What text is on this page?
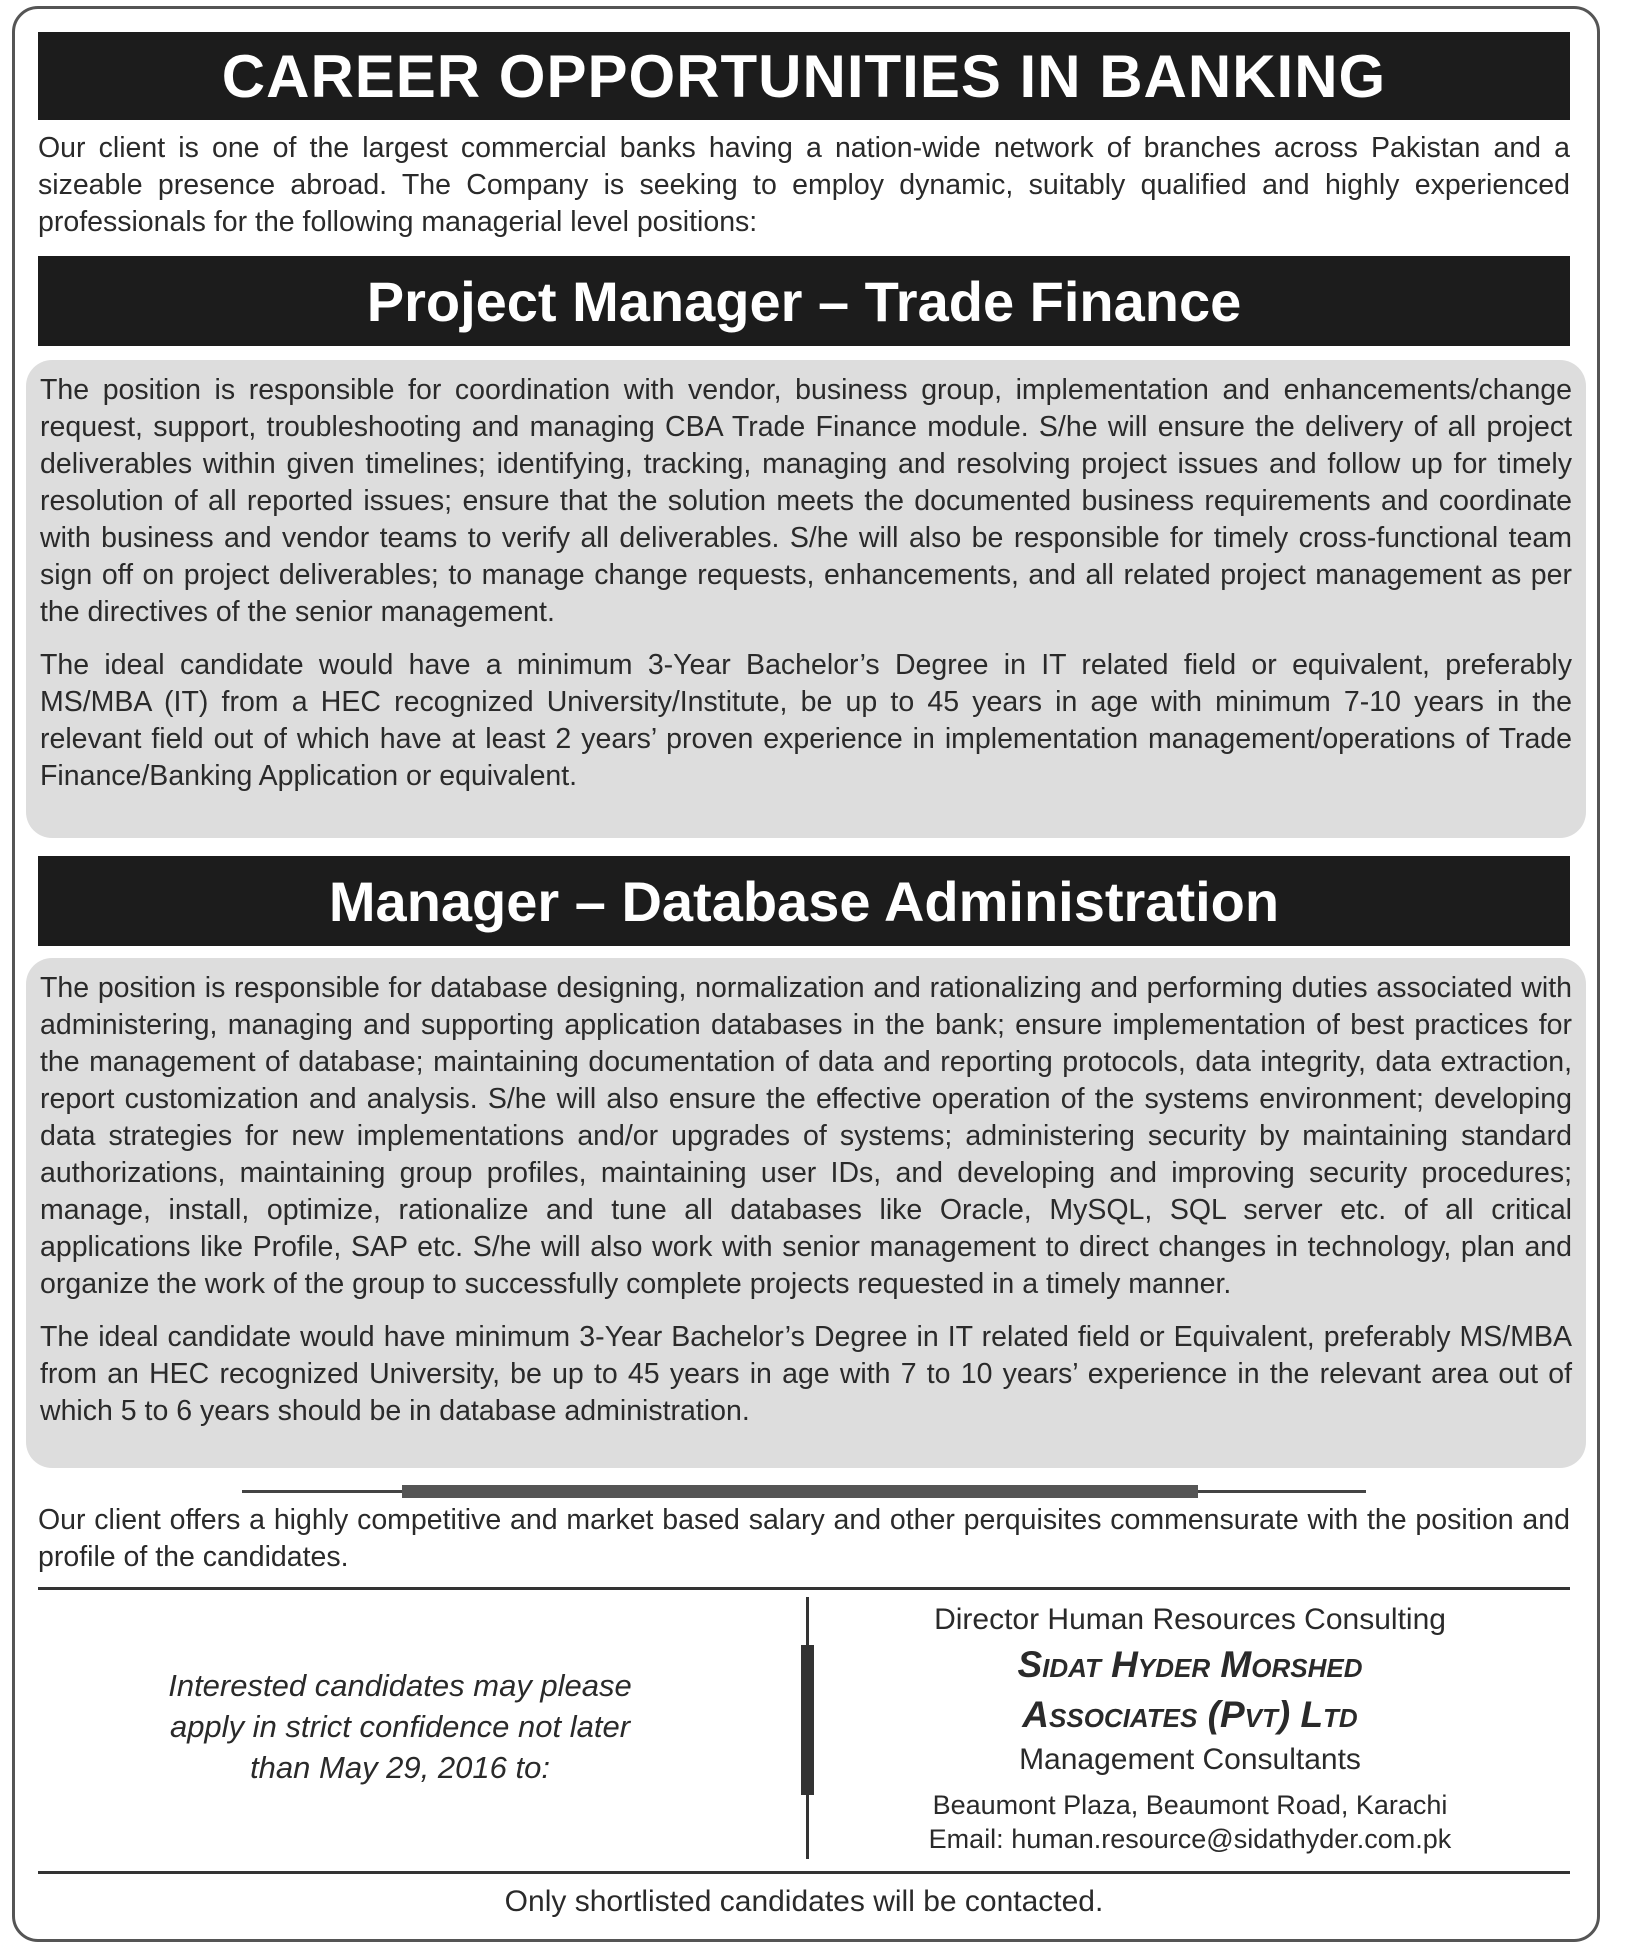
CAREER OPPORTUNITIES IN BANKING

Our client is one of the largest commercial banks having a nation-wide network of branches across Pakistan and a sizeable presence abroad. The Company is seeking to employ dynamic, suitably qualified and highly experienced professionals for the following managerial level positions:

Project Manager – Trade Finance

The position is responsible for coordination with vendor, business group, implementation and enhancements/change request, support, troubleshooting and managing CBA Trade Finance module. S/he will ensure the delivery of all project deliverables within given timelines; identifying, tracking, managing and resolving project issues and follow up for timely resolution of all reported issues; ensure that the solution meets the documented business requirements and coordinate with business and vendor teams to verify all deliverables. S/he will also be responsible for timely cross-functional team sign off on project deliverables; to manage change requests, enhancements, and all related project management as per the directives of the senior management.

The ideal candidate would have a minimum 3-Year Bachelor’s Degree in IT related field or equivalent, preferably MS/MBA (IT) from a HEC recognized University/Institute, be up to 45 years in age with minimum 7-10 years in the relevant field out of which have at least 2 years’ proven experience in implementation management/operations of Trade Finance/Banking Application or equivalent.

Manager – Database Administration

The position is responsible for database designing, normalization and rationalizing and performing duties associated with administering, managing and supporting application databases in the bank; ensure implementation of best practices for the management of database; maintaining documentation of data and reporting protocols, data integrity, data extraction, report customization and analysis. S/he will also ensure the effective operation of the systems environment; developing data strategies for new implementations and/or upgrades of systems; administering security by maintaining standard authorizations, maintaining group profiles, maintaining user IDs, and developing and improving security procedures; manage, install, optimize, rationalize and tune all databases like Oracle, MySQL, SQL server etc. of all critical applications like Profile, SAP etc. S/he will also work with senior management to direct changes in technology, plan and organize the work of the group to successfully complete projects requested in a timely manner.

The ideal candidate would have minimum 3-Year Bachelor’s Degree in IT related field or Equivalent, preferably MS/MBA from an HEC recognized University, be up to 45 years in age with 7 to 10 years’ experience in the relevant area out of which 5 to 6 years should be in database administration.

Our client offers a highly competitive and market based salary and other perquisites commensurate with the position and profile of the candidates.

Interested candidates may please
apply in strict confidence not later
than May 29, 2016 to:
Director Human Resources Consulting
Sidat Hyder Morshed
Associates (Pvt) Ltd
Management Consultants
Beaumont Plaza, Beaumont Road, Karachi
Email: human.resource@sidathyder.com.pk
Only shortlisted candidates will be contacted.
